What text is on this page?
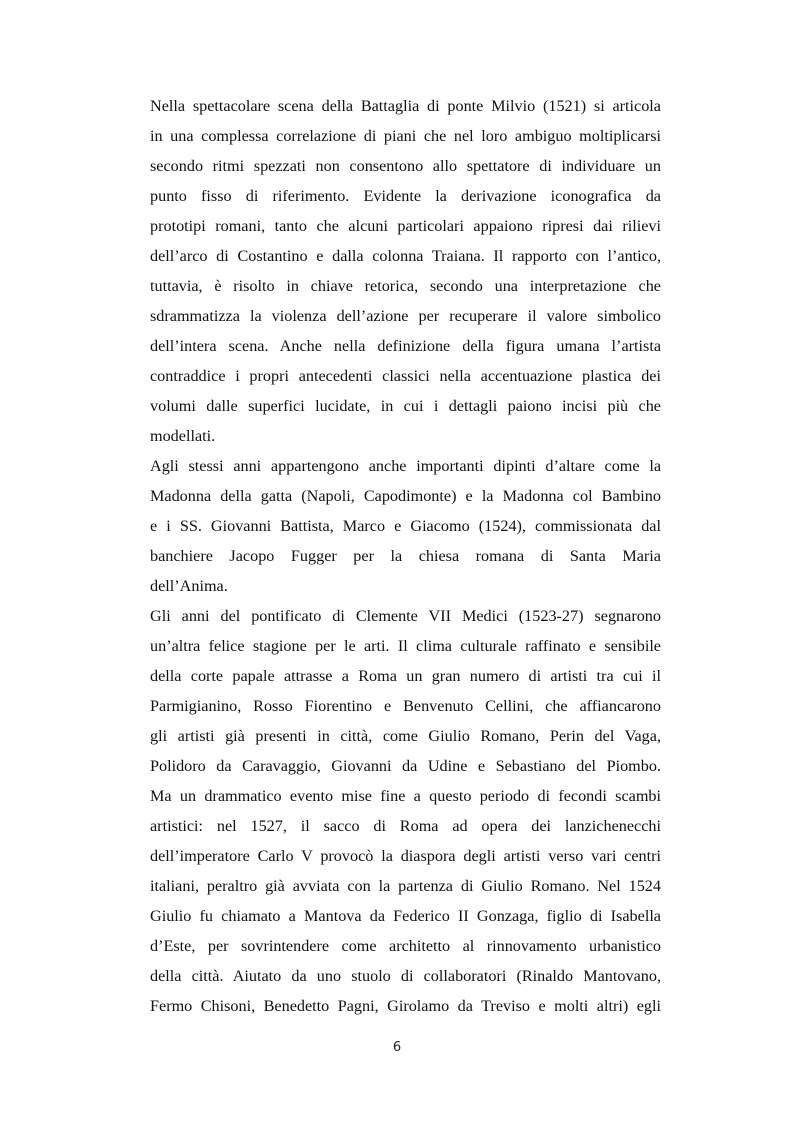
Nella spettacolare scena della Battaglia di ponte Milvio (1521) si articola
in una complessa correlazione di piani che nel loro ambiguo moltiplicarsi
secondo ritmi spezzati non consentono allo spettatore di individuare un
punto fisso di riferimento. Evidente la derivazione iconografica da
prototipi romani, tanto che alcuni particolari appaiono ripresi dai rilievi
dell’arco di Costantino e dalla colonna Traiana. Il rapporto con l’antico,
tuttavia, è risolto in chiave retorica, secondo una interpretazione che
sdrammatizza la violenza dell’azione per recuperare il valore simbolico
dell’intera scena. Anche nella definizione della figura umana l’artista
contraddice i propri antecedenti classici nella accentuazione plastica dei
volumi dalle superfici lucidate, in cui i dettagli paiono incisi più che
modellati.
Agli stessi anni appartengono anche importanti dipinti d’altare come la
Madonna della gatta (Napoli, Capodimonte) e la Madonna col Bambino
e i SS. Giovanni Battista, Marco e Giacomo (1524), commissionata dal
banchiere Jacopo Fugger per la chiesa romana di Santa Maria
dell’Anima.
Gli anni del pontificato di Clemente VII Medici (1523-27) segnarono
un’altra felice stagione per le arti. Il clima culturale raffinato e sensibile
della corte papale attrasse a Roma un gran numero di artisti tra cui il
Parmigianino, Rosso Fiorentino e Benvenuto Cellini, che affiancarono
gli artisti già presenti in città, come Giulio Romano, Perin del Vaga,
Polidoro da Caravaggio, Giovanni da Udine e Sebastiano del Piombo.
Ma un drammatico evento mise fine a questo periodo di fecondi scambi
artistici: nel 1527, il sacco di Roma ad opera dei lanzichenecchi
dell’imperatore Carlo V provocò la diaspora degli artisti verso vari centri
italiani, peraltro già avviata con la partenza di Giulio Romano. Nel 1524
Giulio fu chiamato a Mantova da Federico II Gonzaga, figlio di Isabella
d’Este, per sovrintendere come architetto al rinnovamento urbanistico
della città. Aiutato da uno stuolo di collaboratori (Rinaldo Mantovano,
Fermo Chisoni, Benedetto Pagni, Girolamo da Treviso e molti altri) egli
6
